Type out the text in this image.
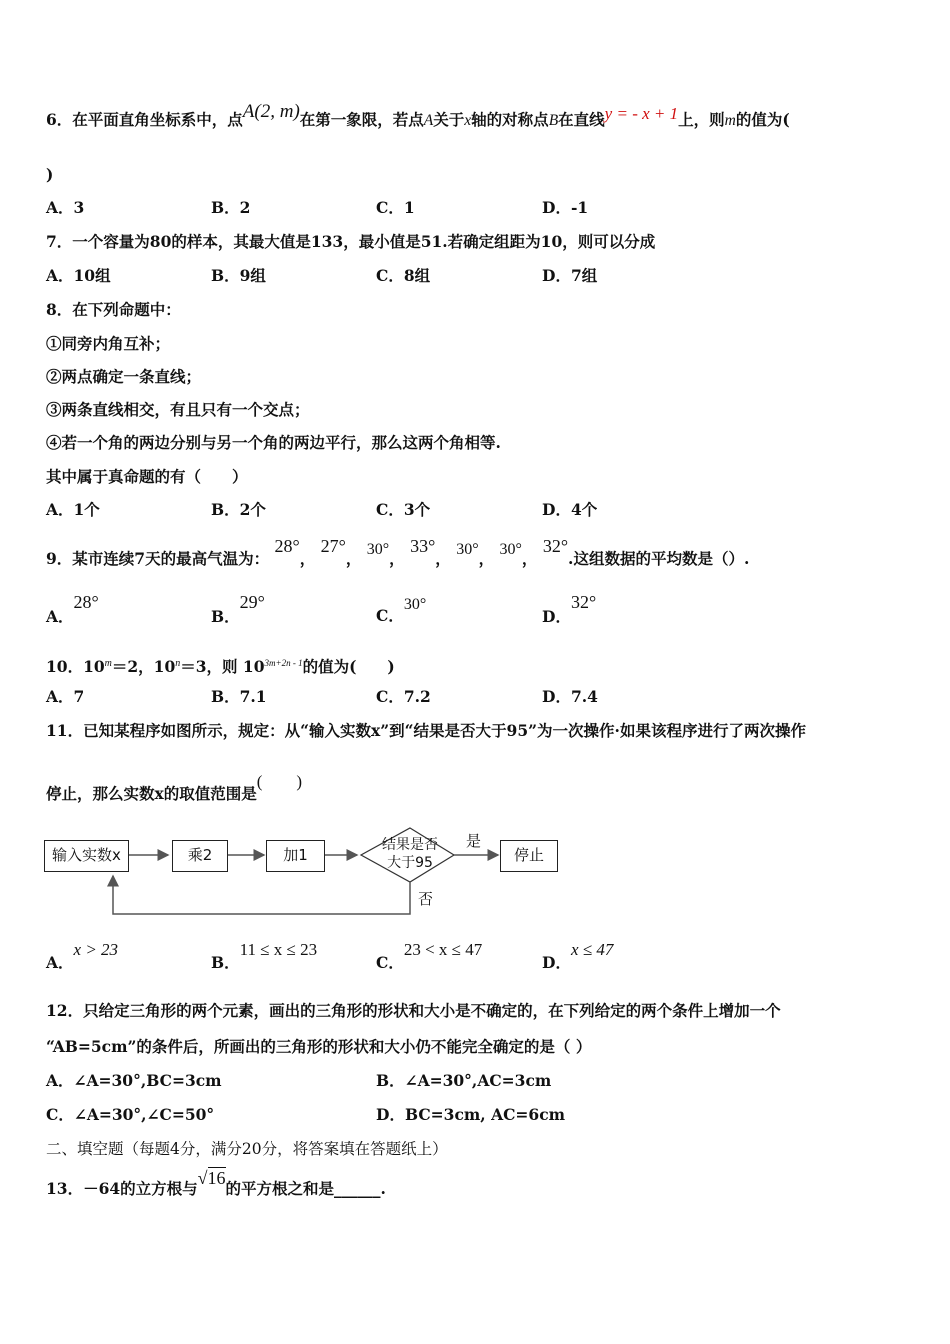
6．在平面直角坐标系中，点A(2, m)在第一象限，若点A关于x轴的对称点B在直线y = - x + 1上，则m的值为(
)
A．3	B．2	C．1	D．-1
7．一个容量为80的样本，其最大值是133，最小值是51.若确定组距为10，则可以分成
A．10组	B．9组	C．8组	D．7组
8．在下列命题中：
①同旁内角互补；
②两点确定一条直线；
③两条直线相交，有且只有一个交点；
④若一个角的两边分别与另一个角的两边平行，那么这两个角相等.
其中属于真命题的有（　　）
A．1个	B．2个	C．3个	D．4个
9．某市连续7天的最高气温为： 28°， 27°， 30°， 33°， 30°， 30°， 32°.这组数据的平均数是（）.
A．28°
B．29°
C．30°
D．32°
10．$10^m=2$，$10^n=3$，则 $10^{3m+2n - 1}$的值为(　　)
A．7	B．7.1	C．7.2	D．7.4
11．已知某程序如图所示，规定：从“输入实数x”到“结果是否大于95”为一次操作·如果该程序进行了两次操作
停止，那么实数x的取值范围是(　　)
输入实数x	乘2	加1
结果是否
大于95
是
否
停止
A．x > 23
B．11 ≤ x ≤ 23
C．23 < x ≤ 47
D．x ≤ 47
12．只给定三角形的两个元素，画出的三角形的形状和大小是不确定的，在下列给定的两个条件上增加一个
“AB=5cm”的条件后，所画出的三角形的形状和大小仍不能完全确定的是（ ）
A．∠A=30°,BC=3cm	B．∠A=30°,AC=3cm
C．∠A=30°,∠C=50°	D．BC=3cm, AC=6cm
二、填空题（每题4分，满分20分，将答案填在答题纸上）
13．－64的立方根与√16的平方根之和是______.
